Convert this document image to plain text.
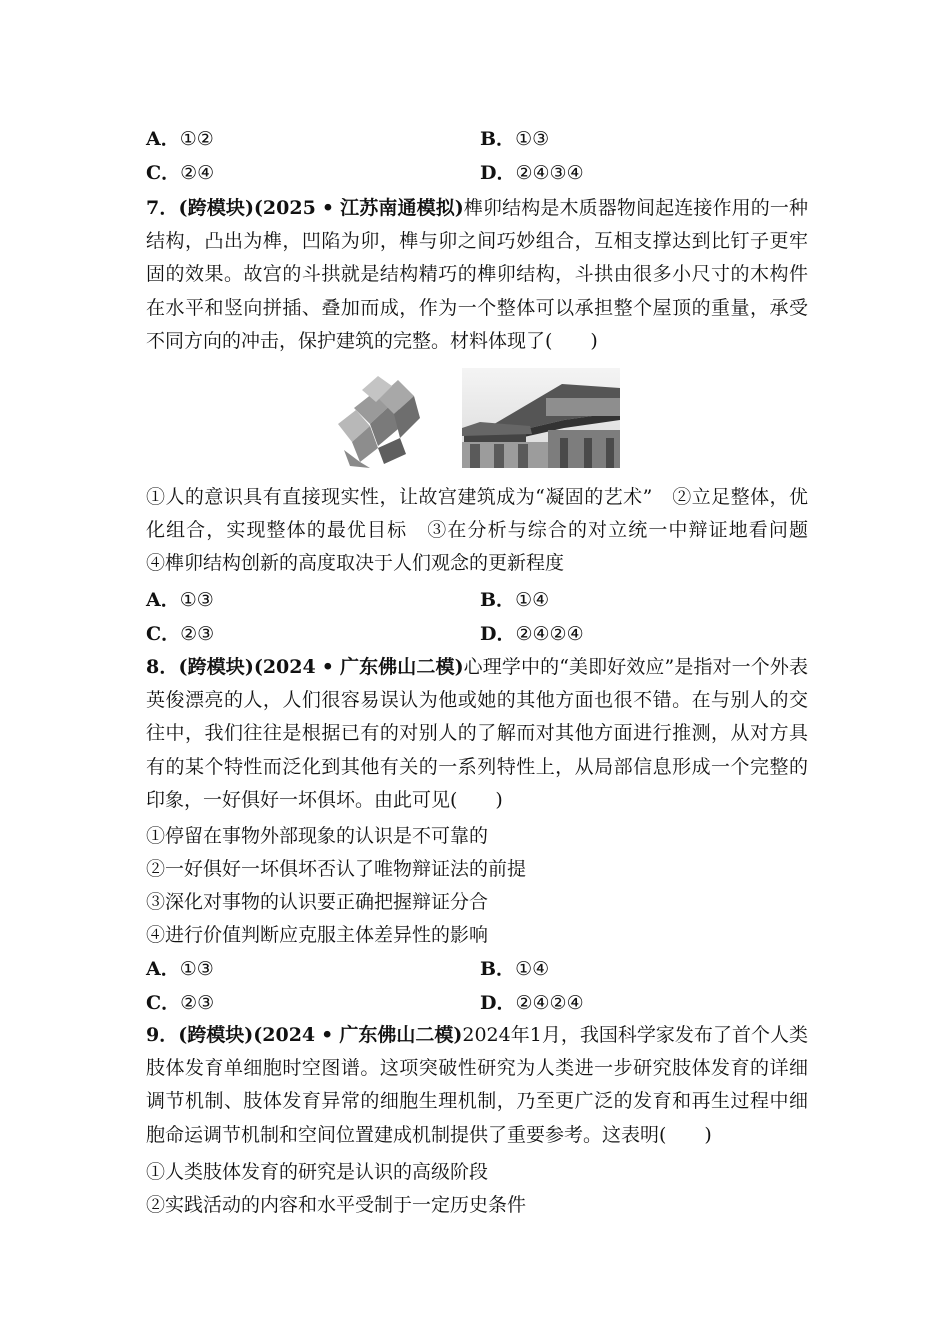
A．①②	B．①③
C．②④	D．②④③④
7．(跨模块)(2025 • 江苏南通模拟)榫卯结构是木质器物间起连接作用的一种结构，凸出为榫，凹陷为卯，榫与卯之间巧妙组合，互相支撑达到比钉子更牢固的效果。故宫的斗拱就是结构精巧的榫卯结构，斗拱由很多小尺寸的木构件在水平和竖向拼插、叠加而成，作为一个整体可以承担整个屋顶的重量，承受不同方向的冲击，保护建筑的完整。材料体现了(　　)
①人的意识具有直接现实性，让故宫建筑成为“凝固的艺术”　②立足整体，优化组合，实现整体的最优目标　③在分析与综合的对立统一中辩证地看问题　④榫卯结构创新的高度取决于人们观念的更新程度
A．①③	B．①④
C．②③	D．②④②④
8．(跨模块)(2024 • 广东佛山二模)心理学中的“美即好效应”是指对一个外表英俊漂亮的人，人们很容易误认为他或她的其他方面也很不错。在与别人的交往中，我们往往是根据已有的对别人的了解而对其他方面进行推测，从对方具有的某个特性而泛化到其他有关的一系列特性上，从局部信息形成一个完整的印象，一好俱好一坏俱坏。由此可见(　　)
①停留在事物外部现象的认识是不可靠的
②一好俱好一坏俱坏否认了唯物辩证法的前提
③深化对事物的认识要正确把握辩证分合
④进行价值判断应克服主体差异性的影响
A．①③	B．①④
C．②③	D．②④②④
9．(跨模块)(2024 • 广东佛山二模)2024年1月，我国科学家发布了首个人类肢体发育单细胞时空图谱。这项突破性研究为人类进一步研究肢体发育的详细调节机制、肢体发育异常的细胞生理机制，乃至更广泛的发育和再生过程中细胞命运调节机制和空间位置建成机制提供了重要参考。这表明(　　)
①人类肢体发育的研究是认识的高级阶段
②实践活动的内容和水平受制于一定历史条件
